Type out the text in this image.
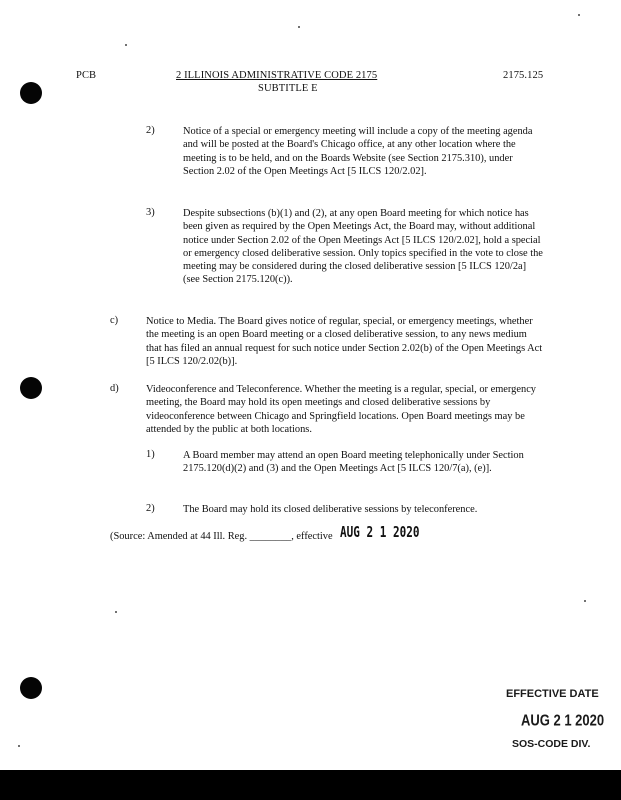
PCB	2 ILLINOIS ADMINISTRATIVE CODE 2175
SUBTITLE E
2175.125
2)	Notice of a special or emergency meeting will include a copy of the meeting agenda and will be posted at the Board's Chicago office, at any other location where the meeting is to be held, and on the Boards Website (see Section 2175.310), under Section 2.02 of the Open Meetings Act [5 ILCS 120/2.02].
3)	Despite subsections (b)(1) and (2), at any open Board meeting for which notice has been given as required by the Open Meetings Act, the Board may, without additional notice under Section 2.02 of the Open Meetings Act [5 ILCS 120/2.02], hold a special or emergency closed deliberative session. Only topics specified in the vote to close the meeting may be considered during the closed deliberative session [5 ILCS 120/2a] (see Section 2175.120(c)).
c)	Notice to Media. The Board gives notice of regular, special, or emergency meetings, whether the meeting is an open Board meeting or a closed deliberative session, to any news medium that has filed an annual request for such notice under Section 2.02(b) of the Open Meetings Act [5 ILCS 120/2.02(b)].
d)	Videoconference and Teleconference. Whether the meeting is a regular, special, or emergency meeting, the Board may hold its open meetings and closed deliberative sessions by videoconference between Chicago and Springfield locations. Open Board meetings may be attended by the public at both locations.
1)	A Board member may attend an open Board meeting telephonically under Section 2175.120(d)(2) and (3) and the Open Meetings Act [5 ILCS 120/7(a), (e)].
2)	The Board may hold its closed deliberative sessions by teleconference.
(Source: Amended at 44 Ill. Reg. ________, effective AUG 2 1 2020
EFFECTIVE DATE
AUG 2 1 2020
SOS-CODE DIV.
